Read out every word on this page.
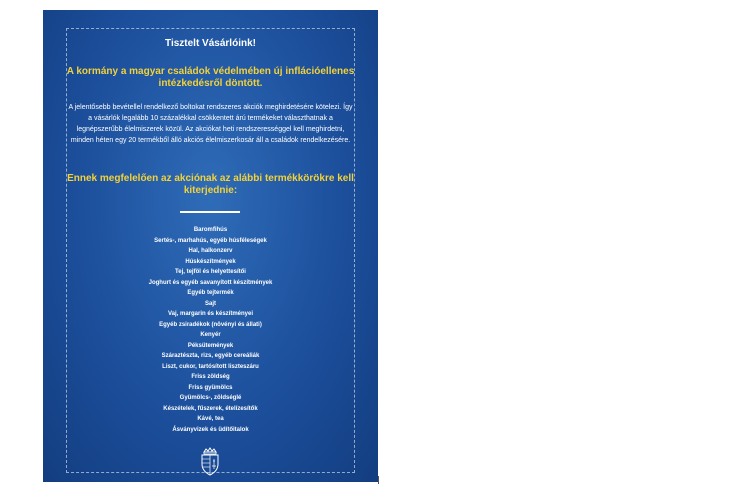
Tisztelt Vásárlóink!
A kormány a magyar családok védelmében új inflációellenes intézkedésről döntött.
A jelentősebb bevétellel rendelkező boltokat rendszeres akciók meghirdetésére kötelezi. Így a vásárlók legalább 10 százalékkal csökkentett árú termékeket választhatnak a legnépszerűbb élelmiszerek közül. Az akciókat heti rendszerességgel kell meghirdetni, minden héten egy 20 termékből álló akciós élelmiszerkosár áll a családok rendelkezésére.
Ennek megfelelően az akciónak az alábbi termékkörökre kell kiterjednie:
Baromfihús
Sertés-, marhahús, egyéb húsféleségek
Hal, halkonzerv
Húskészítmények
Tej, tejföl és helyettesítői
Joghurt és egyéb savanyított készítmények
Egyéb tejtermék
Sajt
Vaj, margarin és készítményei
Egyéb zsiradékok (növényi és állati)
Kenyér
Péksütemények
Száraztészta, rizs, egyéb cereáliák
Liszt, cukor, tartósított liszteszáru
Friss zöldség
Friss gyümölcs
Gyümölcs-, zöldséglé
Készételek, fűszerek, ételízesítők
Kávé, tea
Ásványvizek és üdítőitalok
